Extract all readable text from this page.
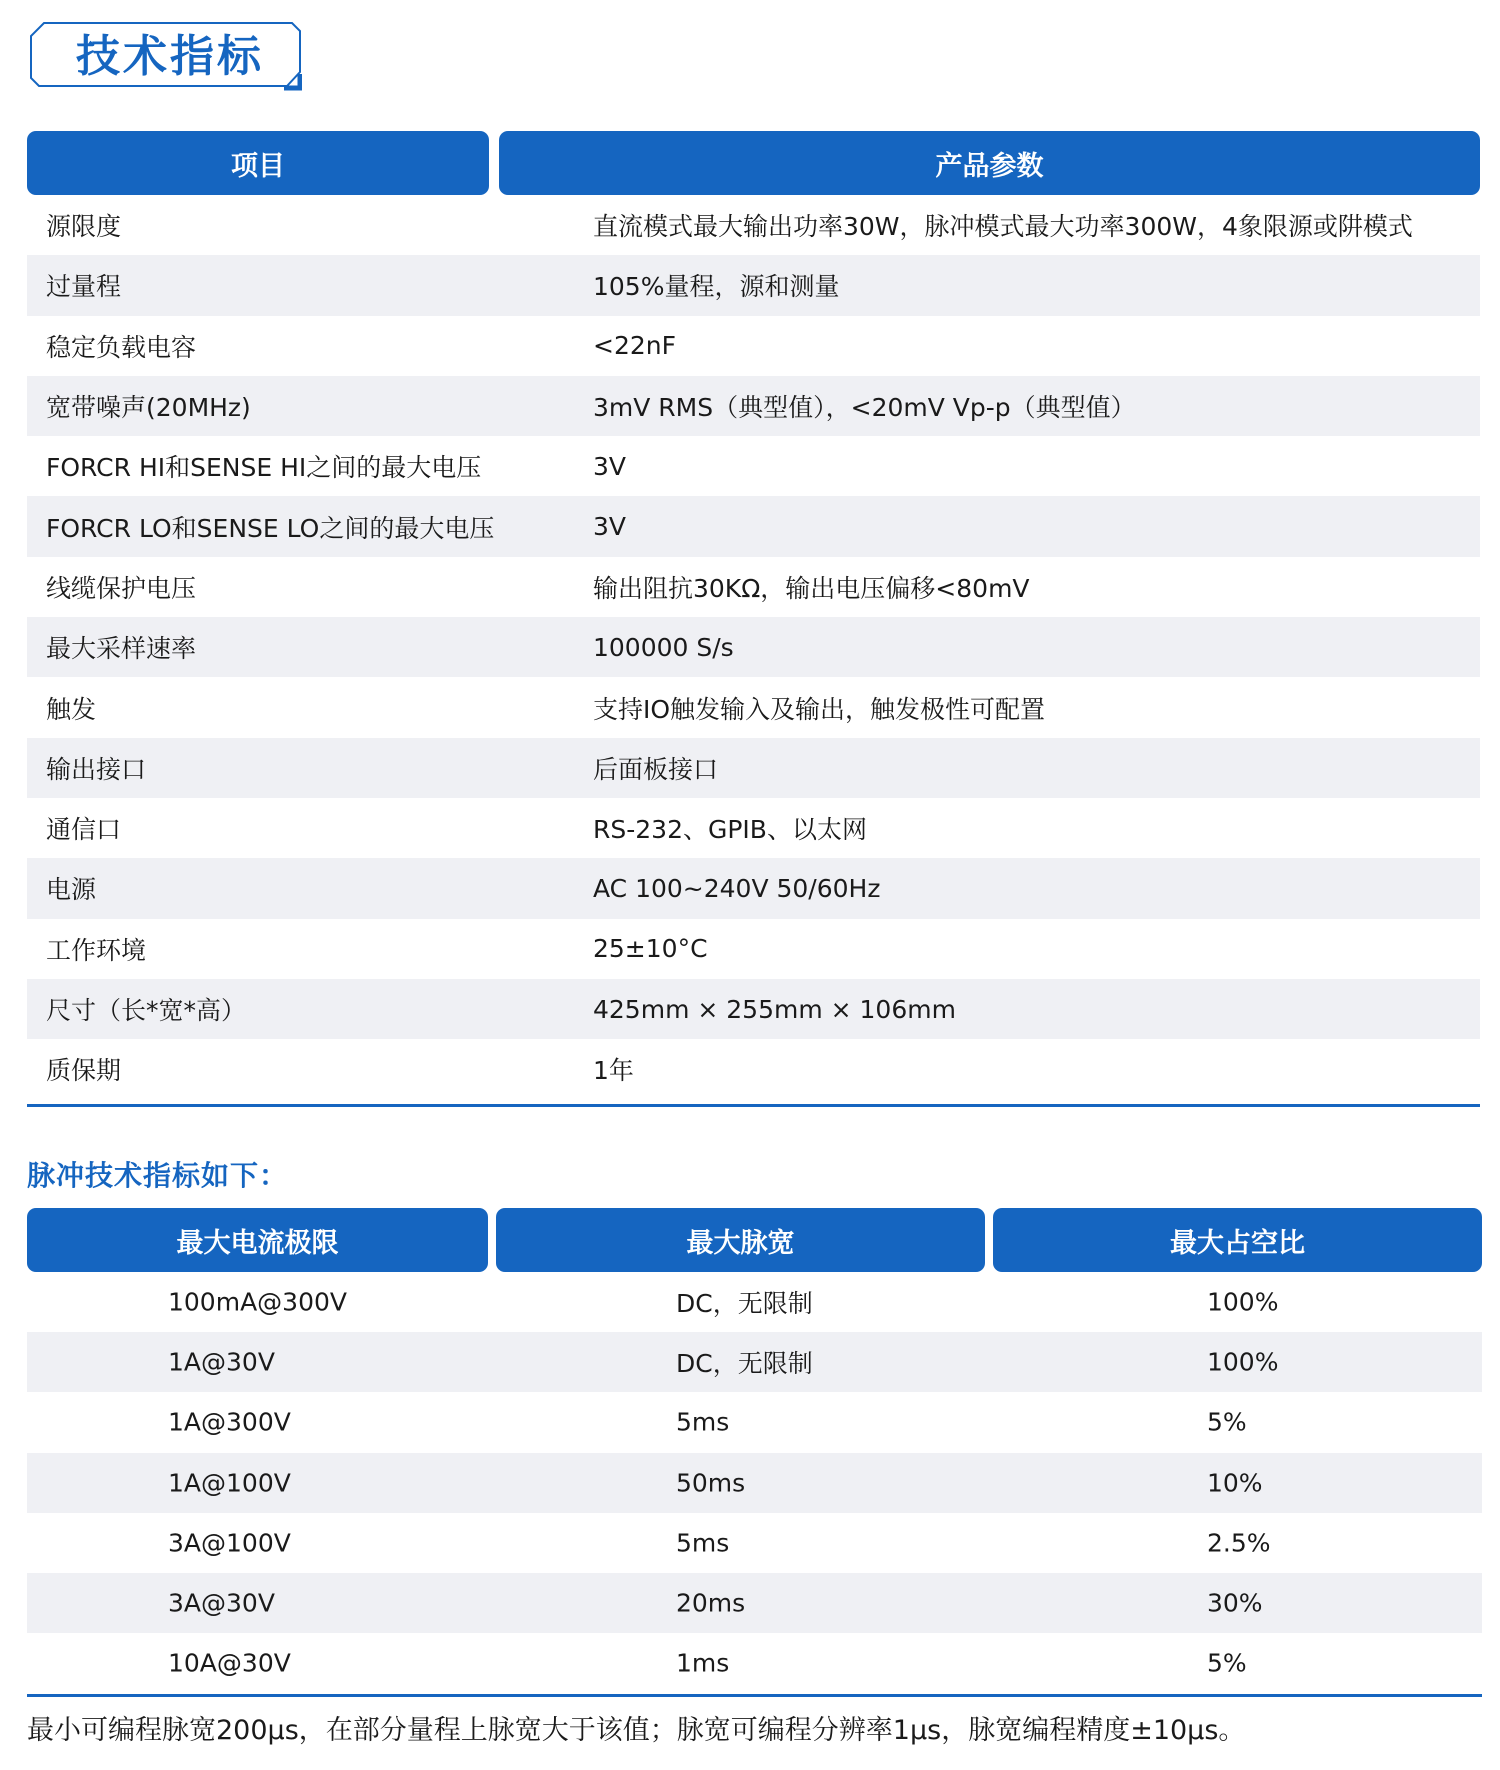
技术指标
项目	产品参数
源限度	直流模式最大输出功率30W，脉冲模式最大功率300W，4象限源或阱模式
过量程	105%量程，源和测量
稳定负载电容	<22nF
宽带噪声(20MHz)	3mV RMS（典型值），<20mV Vp-p（典型值）
FORCR HI和SENSE HI之间的最大电压	3V
FORCR LO和SENSE LO之间的最大电压	3V
线缆保护电压	输出阻抗30KΩ，输出电压偏移<80mV
最大采样速率	100000 S/s
触发	支持IO触发输入及输出，触发极性可配置
输出接口	后面板接口
通信口	RS-232、GPIB、以太网
电源	AC 100~240V 50/60Hz
工作环境	25±10°C
尺寸（长*宽*高）	425mm × 255mm × 106mm
质保期	1年
脉冲技术指标如下：
最大电流极限	最大脉宽	最大占空比
100mA@300V	DC，无限制	100%
1A@30V	DC，无限制	100%
1A@300V	5ms	5%
1A@100V	50ms	10%
3A@100V	5ms	2.5%
3A@30V	20ms	30%
10A@30V	1ms	5%
最小可编程脉宽200μs，在部分量程上脉宽大于该值；脉宽可编程分辨率1μs，脉宽编程精度±10μs。
